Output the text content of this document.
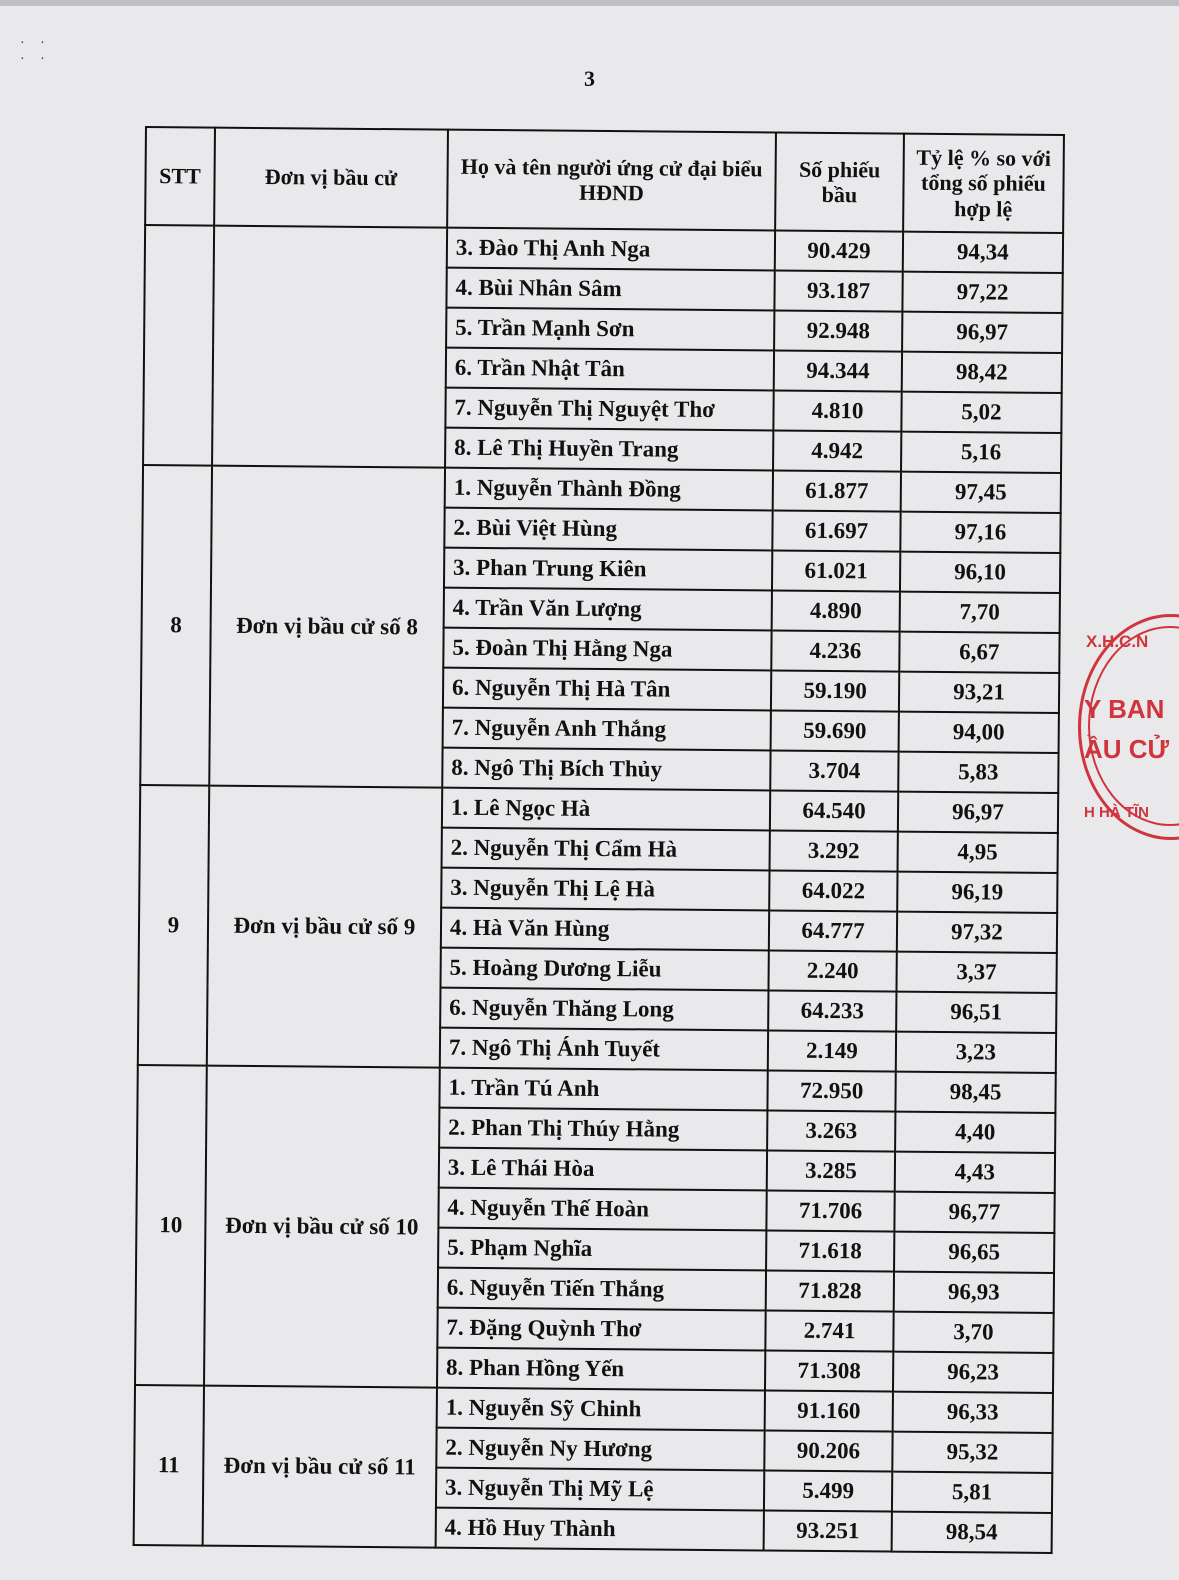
· ·
· ·
3
STT	Đơn vị bầu cử	Họ và tên người ứng cử đại biểu HĐND	Số phiếu bầu	Tỷ lệ % so với tổng số phiếu hợp lệ
		3. Đào Thị Anh Nga	90.429	94,34
		4. Bùi Nhân Sâm	93.187	97,22
		5. Trần Mạnh Sơn	92.948	96,97
		6. Trần Nhật Tân	94.344	98,42
		7. Nguyễn Thị Nguyệt Thơ	4.810	5,02
		8. Lê Thị Huyền Trang	4.942	5,16
8	Đơn vị bầu cử số 8	1. Nguyễn Thành Đồng	61.877	97,45
		2. Bùi Việt Hùng	61.697	97,16
		3. Phan Trung Kiên	61.021	96,10
		4. Trần Văn Lượng	4.890	7,70
		5. Đoàn Thị Hằng Nga	4.236	6,67
		6. Nguyễn Thị Hà Tân	59.190	93,21
		7. Nguyễn Anh Thắng	59.690	94,00
		8. Ngô Thị Bích Thủy	3.704	5,83
9	Đơn vị bầu cử số 9	1. Lê Ngọc Hà	64.540	96,97
		2. Nguyễn Thị Cẩm Hà	3.292	4,95
		3. Nguyễn Thị Lệ Hà	64.022	96,19
		4. Hà Văn Hùng	64.777	97,32
		5. Hoàng Dương Liễu	2.240	3,37
		6. Nguyễn Thăng Long	64.233	96,51
		7. Ngô Thị Ánh Tuyết	2.149	3,23
10	Đơn vị bầu cử số 10	1. Trần Tú Anh	72.950	98,45
		2. Phan Thị Thúy Hằng	3.263	4,40
		3. Lê Thái Hòa	3.285	4,43
		4. Nguyễn Thế Hoàn	71.706	96,77
		5. Phạm Nghĩa	71.618	96,65
		6. Nguyễn Tiến Thắng	71.828	96,93
		7. Đặng Quỳnh Thơ	2.741	3,70
		8. Phan Hồng Yến	71.308	96,23
11	Đơn vị bầu cử số 11	1. Nguyễn Sỹ Chinh	91.160	96,33
		2. Nguyễn Ny Hương	90.206	95,32
		3. Nguyễn Thị Mỹ Lệ	5.499	5,81
		4. Hồ Huy Thành	93.251	98,54
X.H.C.N
Y BAN
ẦU CỬ
H HÀ TĨN
